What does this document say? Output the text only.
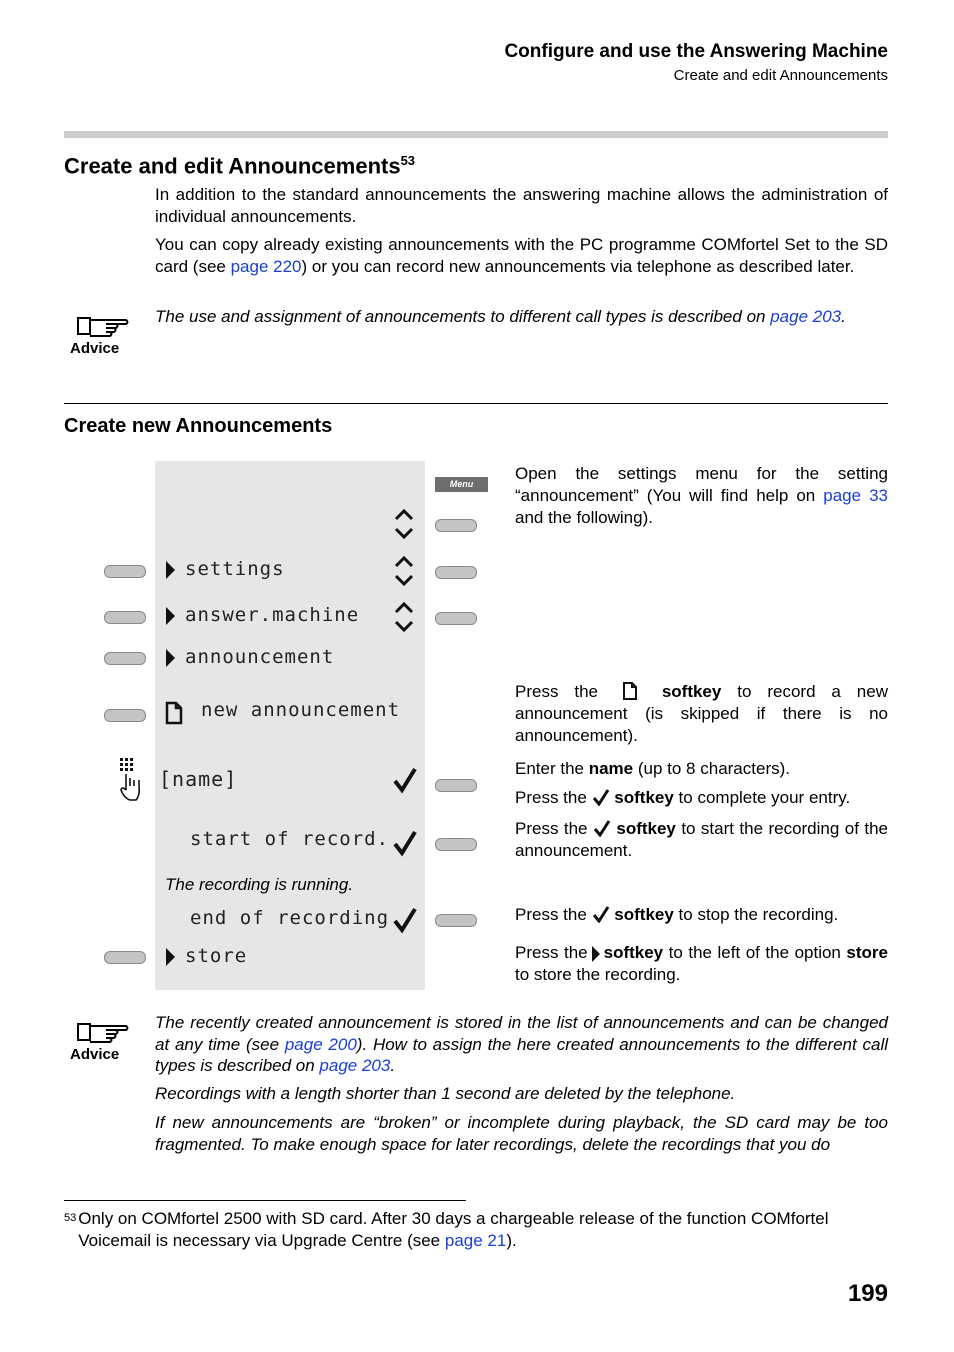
Configure and use the Answering Machine
Create and edit Announcements
Create and edit Announcements$^{53}$
In addition to the standard announcements the answering machine allows the administration of individual announcements.
You can copy already existing announcements with the PC programme COMfortel Set to the SD card (see page 220) or you can record new announcements via telephone as described later.
Advice
The use and assignment of announcements to different call types is described on page 203.
Create new Announcements
Menu
settings
answer.machine
announcement
new announcement
[name]
start of record.
The recording is running.
end of recording
store
Open the settings menu for the setting “announcement” (You will find help on page 33 and the following).
Press the	softkey to record a new announcement (is skipped if there is no announcement).
Enter the name (up to 8 characters).
Press the softkey to complete your entry.
Press the softkey to start the recording of the announcement.
Press the softkey to stop the recording.
Press the softkey to the left of the option store to store the recording.
Advice
The recently created announcement is stored in the list of announcements and can be changed at any time (see page 200). How to assign the here created announcements to the different call types is described on page 203.
Recordings with a length shorter than 1 second are deleted by the telephone.
If new announcements are “broken” or incomplete during playback, the SD card may be too fragmented. To make enough space for later recordings, delete the recordings that you do
$^{53}$ Only on COMfortel 2500 with SD card. After 30 days a chargeable release of the function COMfortel Voicemail is necessary via Upgrade Centre (see page 21).
199
